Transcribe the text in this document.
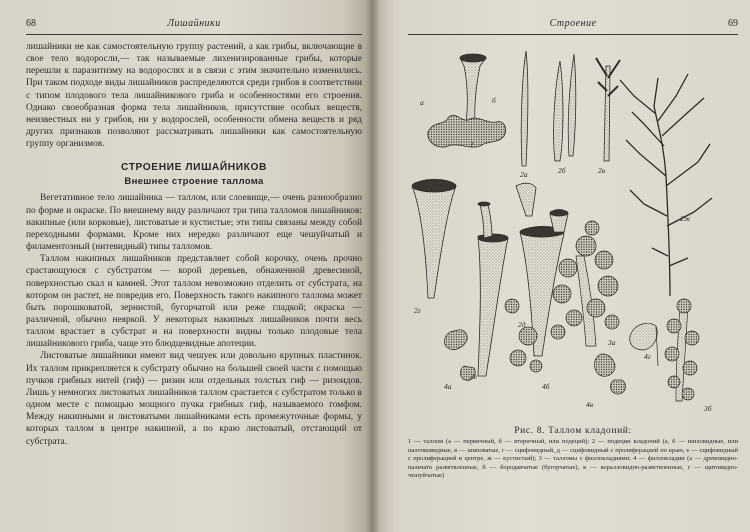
68	Лишайники

лишайники не как самостоятельную группу растений, а как грибы, включающие в свое тело водоросли,— так называемые лихенизированные грибы, которые перешли к паразитизму на водорослях и в связи с этим значительно изменились. При таком подходе виды лишайников распределяются среди грибов в соответствии с типом плодового тела лишайникового гриба и особенностями его строения. Однако своеобразная форма тела лишайников, присутствие особых веществ, неизвестных ни у грибов, ни у водорослей, особенности обмена веществ и ряд других признаков позволяют рассматривать лишайники как самостоятельную группу организмов.

СТРОЕНИЕ ЛИШАЙНИКОВ
Внешнее строение таллома

Вегетативное тело лишайника — таллом, или слоевище,— очень разнообразно по форме и окраске. По внешнему виду различают три типа талломов лишайников: накипные (или корковые), листоватые и кустистые; эти типы связаны между собой переходными формами. Кроме них нередко различают еще чешуйчатый и филаментозный (нитевидный) типы талломов.

Таллом накипных лишайников представляет собой корочку, очень прочно срастающуюся с субстратом — корой деревьев, обнаженной древесиной, поверхностью скал и камней. Этот таллом невозможно отделить от субстрата, на котором он растет, не повредив его. Поверхность такого накипного таллома может быть порошковатой, зернистой, бугорчатой или реже гладкой; окраска — различной, обычно неяркой. У некоторых накипных лишайников почти весь таллом врастает в субстрат и на поверхности видны только плодовые тела лишайникового гриба, чаще это блюдцевидные апотеции.

Листоватые лишайники имеют вид чешуек или довольно крупных пластинок. Их таллом прикрепляется к субстрату обычно на большей своей части с помощью пучков грибных нитей (гиф) — ризин или отдельных толстых гиф — ризоидов. Лишь у немногих листоватых лишайников таллом срастается с субстратом только в одном месте с помощью мощного пучка грибных гиф, называемого гомфом. Между накипными и листоватыми лишайниками есть промежуточные формы, у которых таллом в центре накипной, а по краю листоватый, отстающий от субстрата.

Строение	69
1
а	б
2а	2б	2в
2ж
2г
2д
2е
3а
3б
4а	4б
4в
4г
Рис. 8. Таллом кладоний:
1 — таллом (а — первичный, б — вторичный, или подеций); 2 — подеции кладоний (а, б — шиловидные, или палочковидные, в — шиповатые, г — сцифовидный, д — сцифовидный с пролиферацией по краю, е — сцифовидный с пролиферацией в центре, ж — кустистый); 3 — талломы с филлокладиями; 4 — филлокладии (а — древовидно-пальчато разветвленные, б — бородавчатые (бугорчатые), в — коралловидно-разветвленные, г — щитовидно-чешуйчатые)
